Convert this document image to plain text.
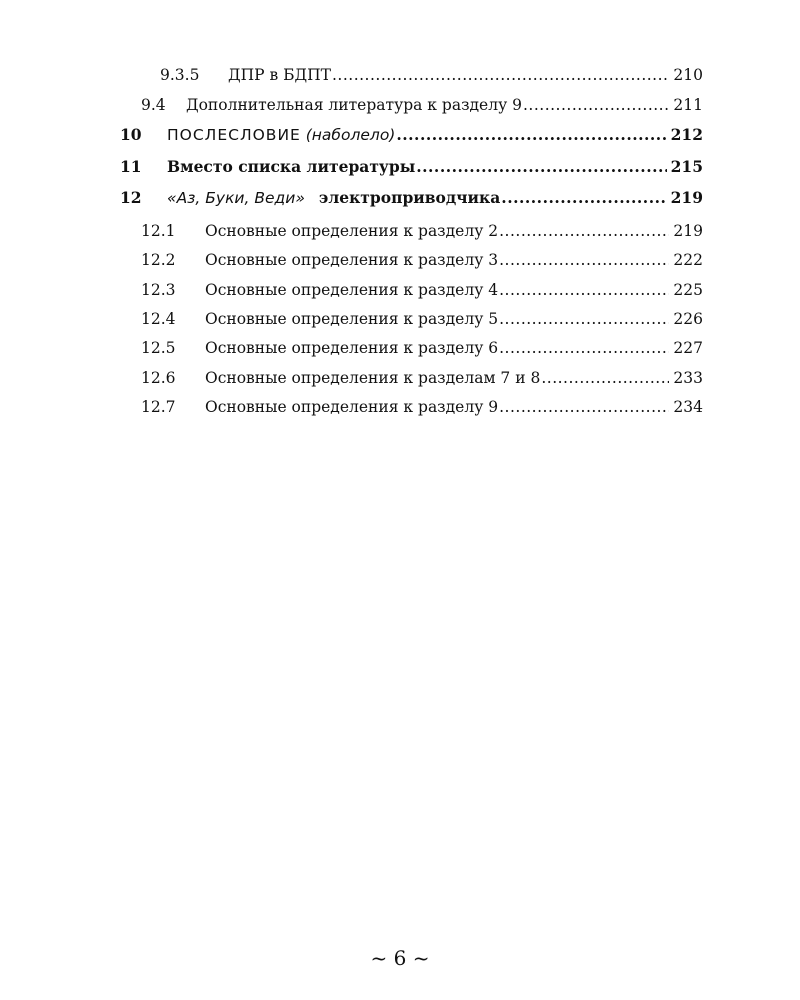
9.3.5	ДПР в БДПТ .....	210
9.4	Дополнительная литература к разделу 9 .....	211
10	ПОСЛЕСЛОВИЕ (наболело) .....	212
11	Вместо списка литературы .....	215
12	«Аз, Буки, Веди» электроприводчика .....	219
12.1	Основные определения к разделу 2 .....	219
12.2	Основные определения к разделу 3 .....	222
12.3	Основные определения к разделу 4 .....	225
12.4	Основные определения к разделу 5 .....	226
12.5	Основные определения к разделу 6 .....	227
12.6	Основные определения к разделам 7 и 8 .....	233
12.7	Основные определения к разделу 9 .....	234
~ 6 ~
